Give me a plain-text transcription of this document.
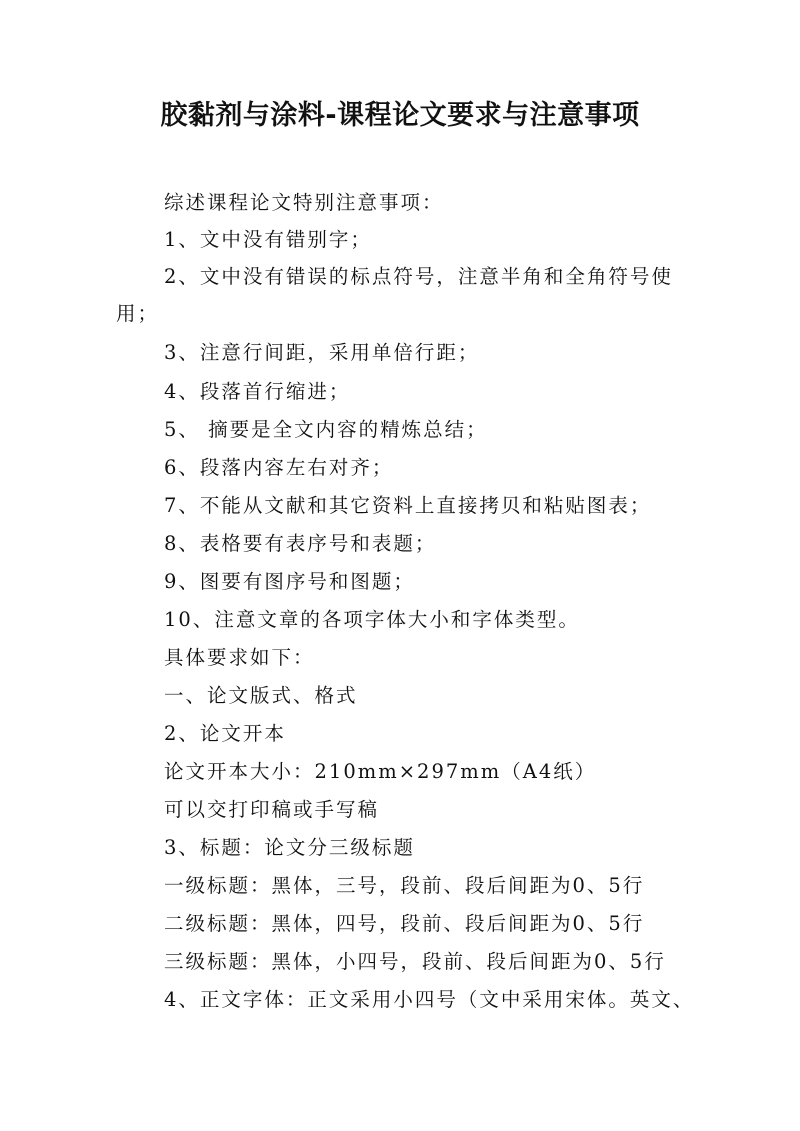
胶黏剂与涂料-课程论文要求与注意事项
综述课程论文特别注意事项：
1、文中没有错别字；
2、文中没有错误的标点符号，注意半角和全角符号使
用；
3、注意行间距，采用单倍行距；
4、段落首行缩进；
5、 摘要是全文内容的精炼总结；
6、段落内容左右对齐；
7、不能从文献和其它资料上直接拷贝和粘贴图表；
8、表格要有表序号和表题；
9、图要有图序号和图题；
10、注意文章的各项字体大小和字体类型。
具体要求如下：
一、论文版式、格式
2、论文开本
论文开本大小：210mm×297mm（A4纸）
可以交打印稿或手写稿
3、标题：论文分三级标题
一级标题：黑体，三号，段前、段后间距为0、5行
二级标题：黑体，四号，段前、段后间距为0、5行
三级标题：黑体，小四号，段前、段后间距为0、5行
4、正文字体：正文采用小四号（文中采用宋体。英文、
